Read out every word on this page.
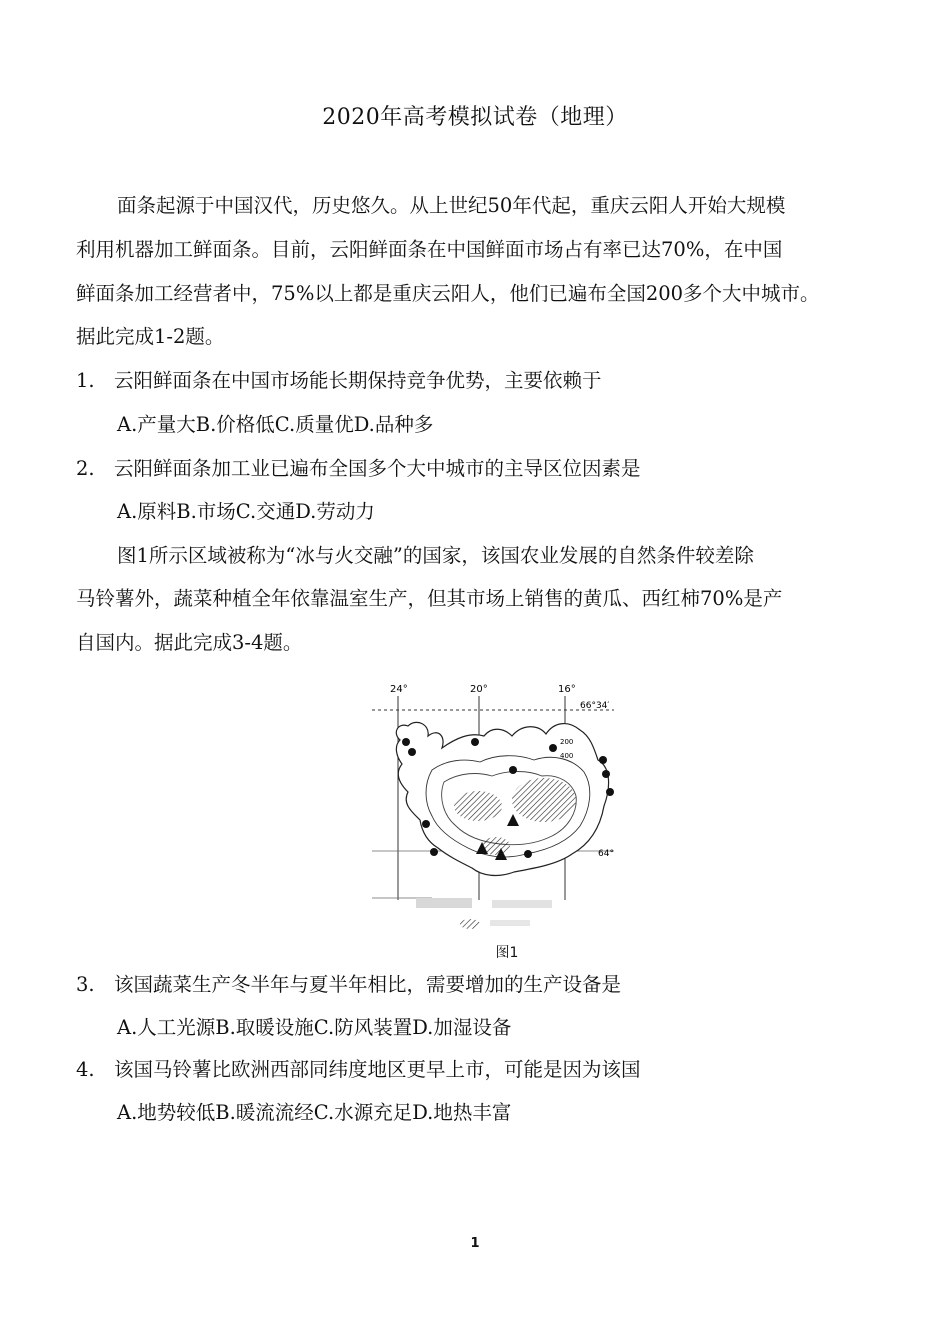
2020年高考模拟试卷（地理）
面条起源于中国汉代，历史悠久。从上世纪50年代起，重庆云阳人开始大规模
利用机器加工鲜面条。目前，云阳鲜面条在中国鲜面市场占有率已达70%，在中国
鲜面条加工经营者中，75%以上都是重庆云阳人，他们已遍布全国200多个大中城市。
据此完成1-2题。
1. 云阳鲜面条在中国市场能长期保持竞争优势，主要依赖于
A.产量大B.价格低C.质量优D.品种多
2. 云阳鲜面条加工业已遍布全国多个大中城市的主导区位因素是
A.原料B.市场C.交通D.劳动力
图1所示区域被称为“冰与火交融”的国家，该国农业发展的自然条件较差除
马铃薯外，蔬菜种植全年依靠温室生产，但其市场上销售的黄瓜、西红柿70%是产
自国内。据此完成3-4题。
24°	20°	16°
66°34′
64°
200
400
图1
3. 该国蔬菜生产冬半年与夏半年相比，需要增加的生产设备是
A.人工光源B.取暖设施C.防风装置D.加湿设备
4. 该国马铃薯比欧洲西部同纬度地区更早上市，可能是因为该国
A.地势较低B.暖流流经C.水源充足D.地热丰富
1
